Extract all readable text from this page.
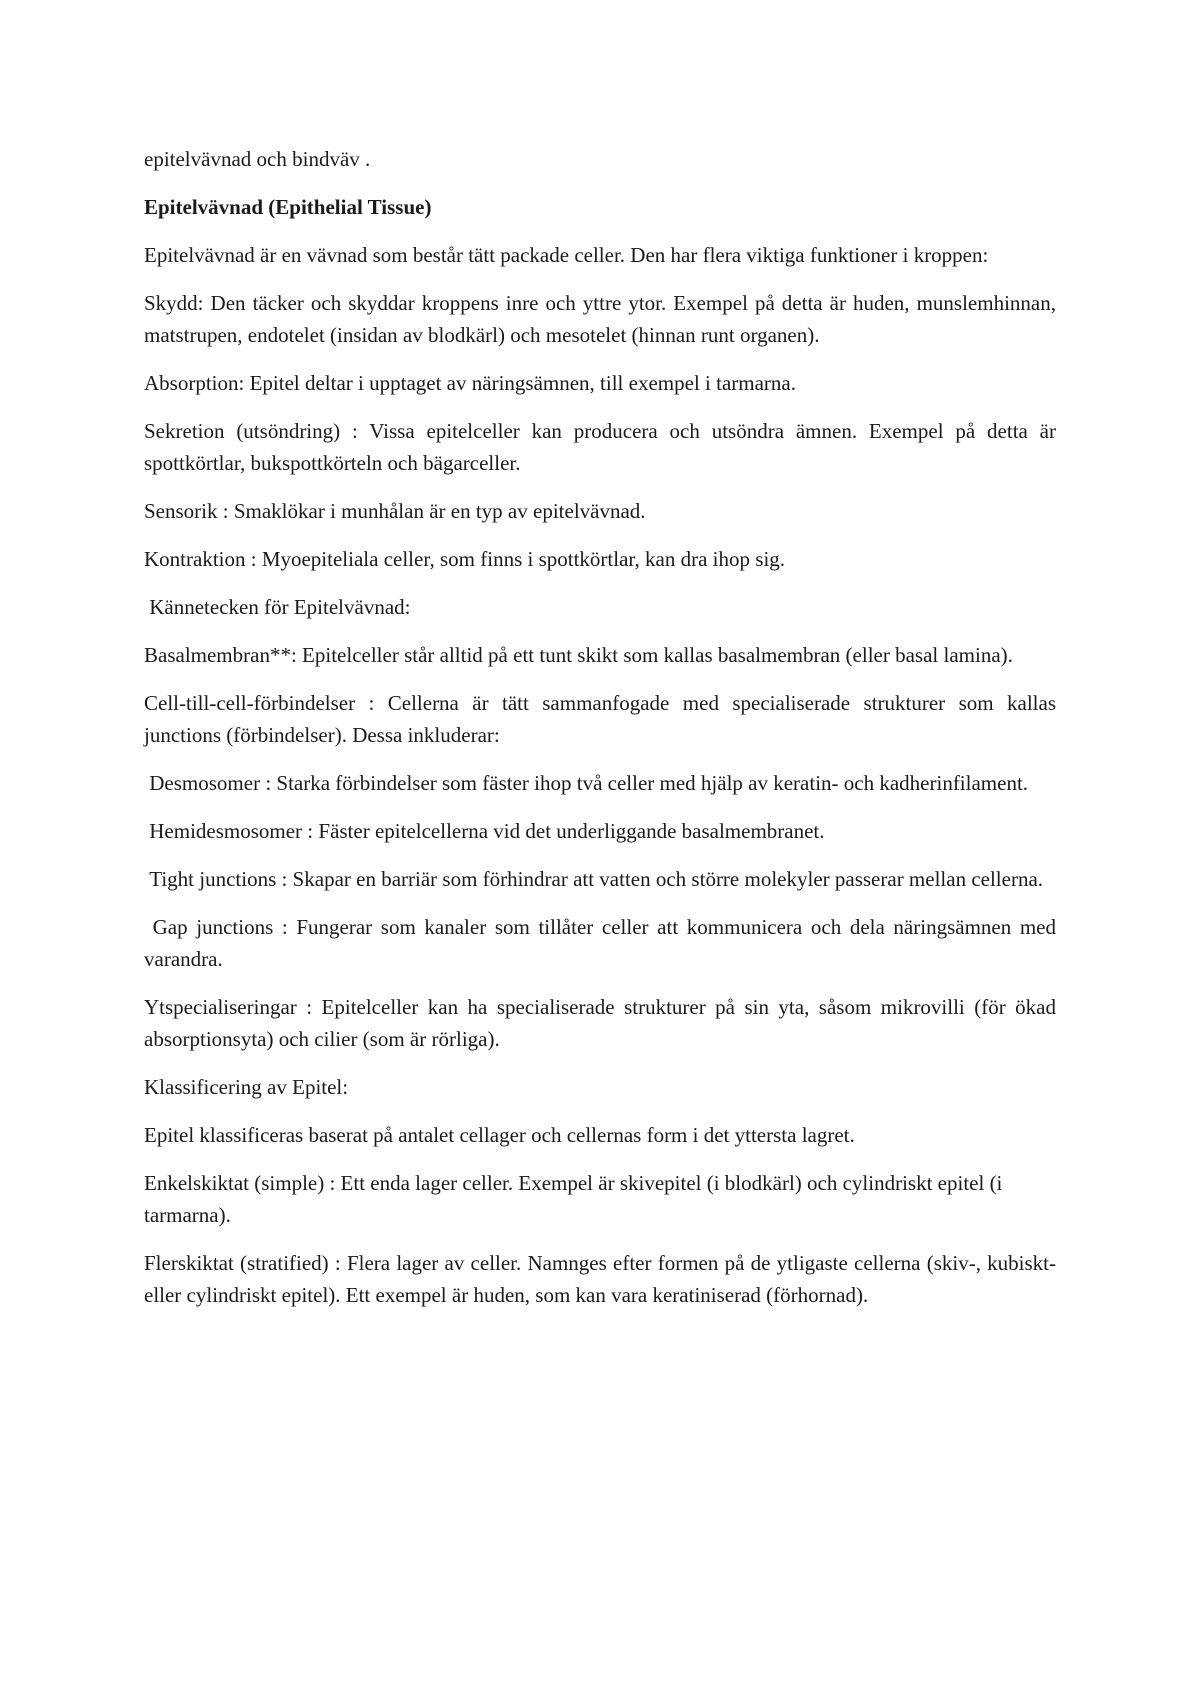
epitelvävnad och bindväv .

Epitelvävnad (Epithelial Tissue)

Epitelvävnad är en vävnad som består tätt packade celler. Den har flera viktiga funktioner i kroppen:

Skydd: Den täcker och skyddar kroppens inre och yttre ytor. Exempel på detta är huden, munslemhinnan, matstrupen, endotelet (insidan av blodkärl) och mesotelet (hinnan runt organen).

Absorption: Epitel deltar i upptaget av näringsämnen, till exempel i tarmarna.

Sekretion (utsöndring) : Vissa epitelceller kan producera och utsöndra ämnen. Exempel på detta är spottkörtlar, bukspottkörteln och bägarceller.

Sensorik : Smaklökar i munhålan är en typ av epitelvävnad.

Kontraktion : Myoepiteliala celler, som finns i spottkörtlar, kan dra ihop sig.

Kännetecken för Epitelvävnad:

Basalmembran**: Epitelceller står alltid på ett tunt skikt som kallas basalmembran (eller basal lamina).

Cell-till-cell-förbindelser : Cellerna är tätt sammanfogade med specialiserade strukturer som kallas junctions (förbindelser). Dessa inkluderar:

Desmosomer : Starka förbindelser som fäster ihop två celler med hjälp av keratin- och kadherinfilament.

Hemidesmosomer : Fäster epitelcellerna vid det underliggande basalmembranet.

Tight junctions : Skapar en barriär som förhindrar att vatten och större molekyler passerar mellan cellerna.

Gap junctions : Fungerar som kanaler som tillåter celler att kommunicera och dela näringsämnen med varandra.

Ytspecialiseringar : Epitelceller kan ha specialiserade strukturer på sin yta, såsom mikrovilli (för ökad absorptionsyta) och cilier (som är rörliga).

Klassificering av Epitel:

Epitel klassificeras baserat på antalet cellager och cellernas form i det yttersta lagret.

Enkelskiktat (simple) : Ett enda lager celler. Exempel är skivepitel (i blodkärl) och cylindriskt epitel (i tarmarna).

Flerskiktat (stratified) : Flera lager av celler. Namnges efter formen på de ytligaste cellerna (skiv-, kubiskt- eller cylindriskt epitel). Ett exempel är huden, som kan vara keratiniserad (förhornad).
